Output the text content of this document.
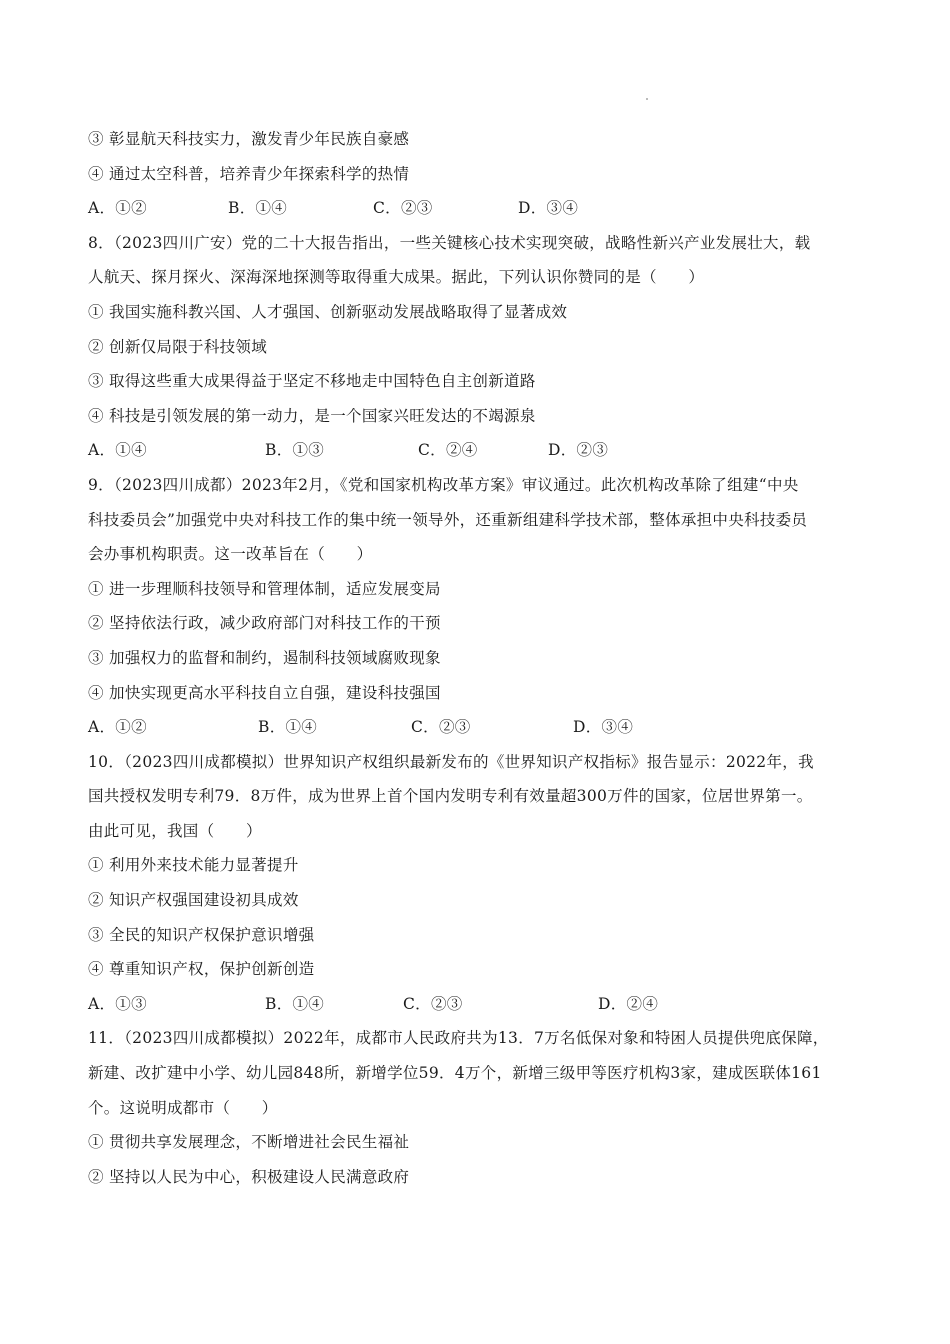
③ 彰显航天科技实力，激发青少年民族自豪感
④ 通过太空科普，培养青少年探索科学的热情
A．①②	B．①④	C．②③	D．③④
8．（2023四川广安）党的二十大报告指出，一些关键核心技术实现突破，战略性新兴产业发展壮大，载
人航天、探月探火、深海深地探测等取得重大成果。据此，下列认识你赞同的是（　　）
① 我国实施科教兴国、人才强国、创新驱动发展战略取得了显著成效
② 创新仅局限于科技领域
③ 取得这些重大成果得益于坚定不移地走中国特色自主创新道路
④ 科技是引领发展的第一动力，是一个国家兴旺发达的不竭源泉
A．①④	B．①③	C．②④	D．②③
9．（2023四川成都）2023年2月，《党和国家机构改革方案》审议通过。此次机构改革除了组建“中央
科技委员会”加强党中央对科技工作的集中统一领导外，还重新组建科学技术部，整体承担中央科技委员
会办事机构职责。这一改革旨在（　　）
① 进一步理顺科技领导和管理体制，适应发展变局
② 坚持依法行政，减少政府部门对科技工作的干预
③ 加强权力的监督和制约，遏制科技领域腐败现象
④ 加快实现更高水平科技自立自强，建设科技强国
A．①②	B．①④	C．②③	D．③④
10．（2023四川成都模拟）世界知识产权组织最新发布的《世界知识产权指标》报告显示：2022年，我
国共授权发明专利79．8万件，成为世界上首个国内发明专利有效量超300万件的国家，位居世界第一。
由此可见，我国（　　）
① 利用外来技术能力显著提升
② 知识产权强国建设初具成效
③ 全民的知识产权保护意识增强
④ 尊重知识产权，保护创新创造
A．①③	B．①④	C．②③	D．②④
11．（2023四川成都模拟）2022年，成都市人民政府共为13．7万名低保对象和特困人员提供兜底保障，
新建、改扩建中小学、幼儿园848所，新增学位59．4万个，新增三级甲等医疗机构3家，建成医联体161
个。这说明成都市（　　）
① 贯彻共享发展理念，不断增进社会民生福祉
② 坚持以人民为中心，积极建设人民满意政府
